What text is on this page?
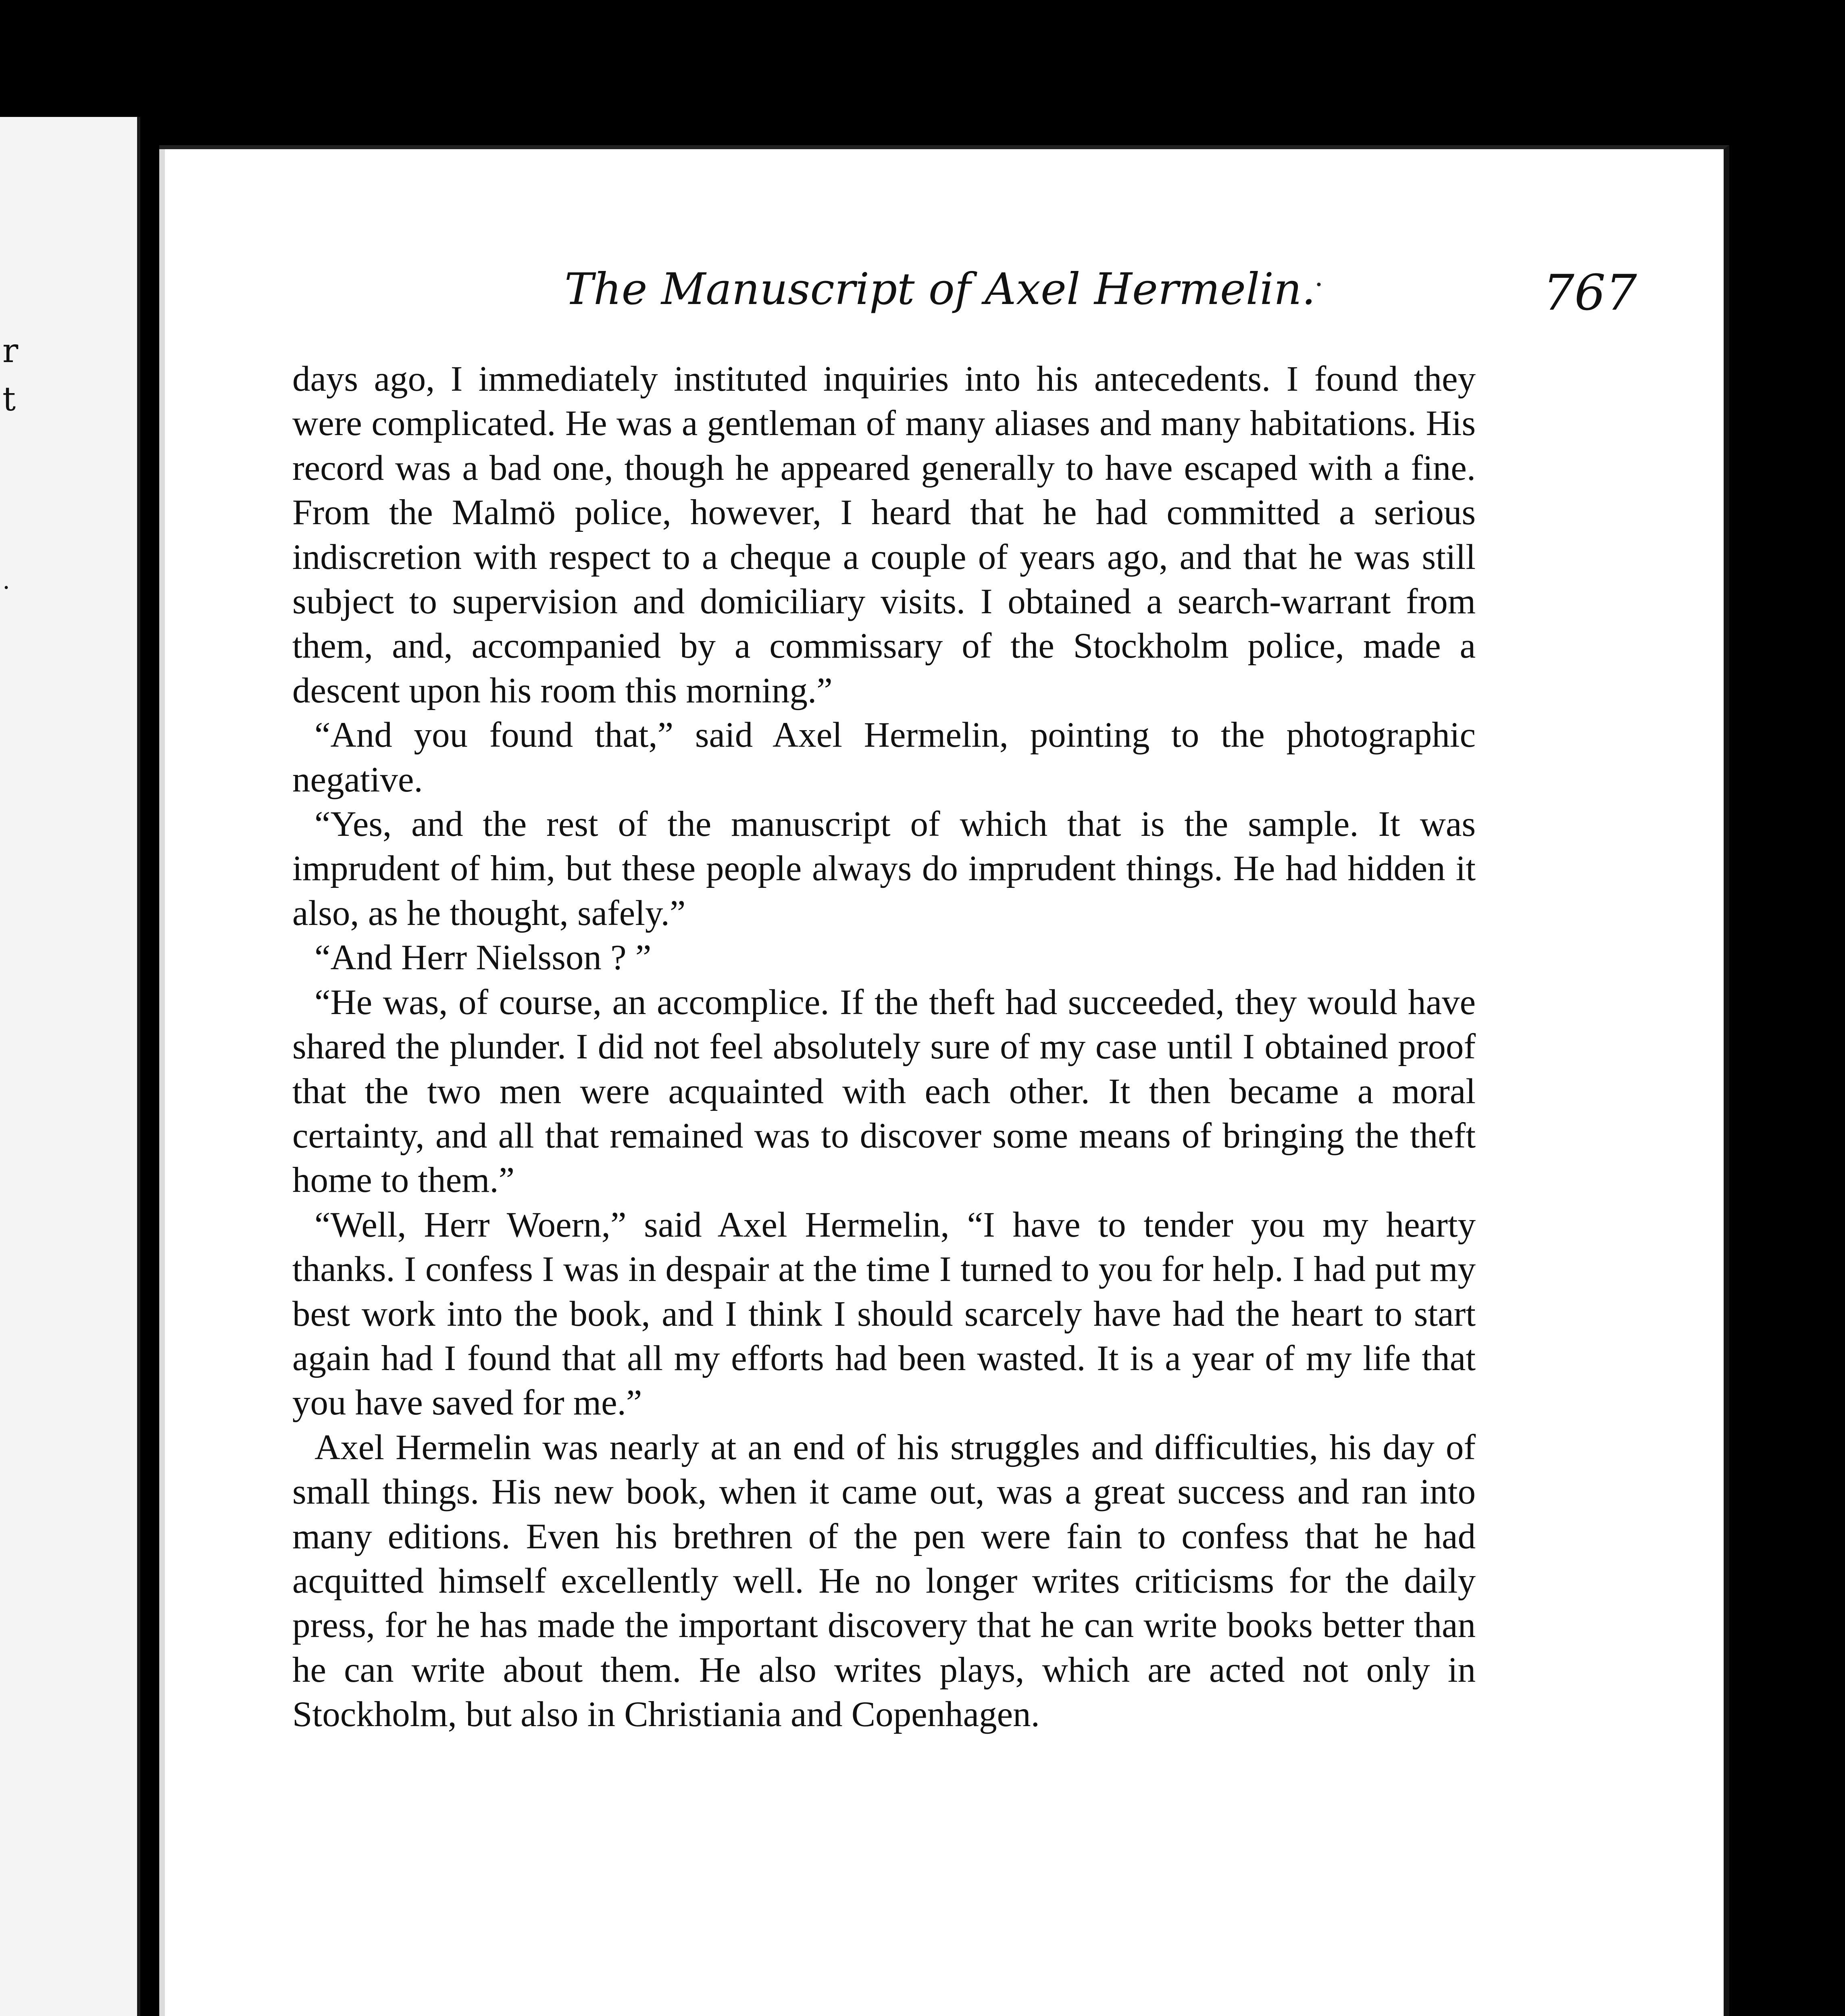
r
t
.
The Manuscript of Axel Hermelin.
·	767

days ago, I immediately instituted inquiries into his antecedents. I found they were complicated. He was a gentleman of many aliases and many habitations. His record was a bad one, though he appeared generally to have escaped with a fine. From the Malmö police, however, I heard that he had committed a serious indiscretion with respect to a cheque a couple of years ago, and that he was still subject to supervision and domiciliary visits. I obtained a search-warrant from them, and, accompanied by a commissary of the Stockholm police, made a descent upon his room this morning.”

“And you found that,” said Axel Hermelin, pointing to the photographic negative.

“Yes, and the rest of the manuscript of which that is the sample. It was imprudent of him, but these people always do imprudent things. He had hidden it also, as he thought, safely.”

“And Herr Nielsson ? ”

“He was, of course, an accomplice. If the theft had succeeded, they would have shared the plunder. I did not feel absolutely sure of my case until I obtained proof that the two men were acquainted with each other. It then became a moral certainty, and all that remained was to discover some means of bringing the theft home to them.”

“Well, Herr Woern,” said Axel Hermelin, “I have to tender you my hearty thanks. I confess I was in despair at the time I turned to you for help. I had put my best work into the book, and I think I should scarcely have had the heart to start again had I found that all my efforts had been wasted. It is a year of my life that you have saved for me.”

Axel Hermelin was nearly at an end of his struggles and difficulties, his day of small things. His new book, when it came out, was a great success and ran into many editions. Even his brethren of the pen were fain to confess that he had acquitted himself excellently well. He no longer writes criticisms for the daily press, for he has made the important discovery that he can write books better than he can write about them. He also writes plays, which are acted not only in Stockholm, but also in Christiania and Copenhagen.
